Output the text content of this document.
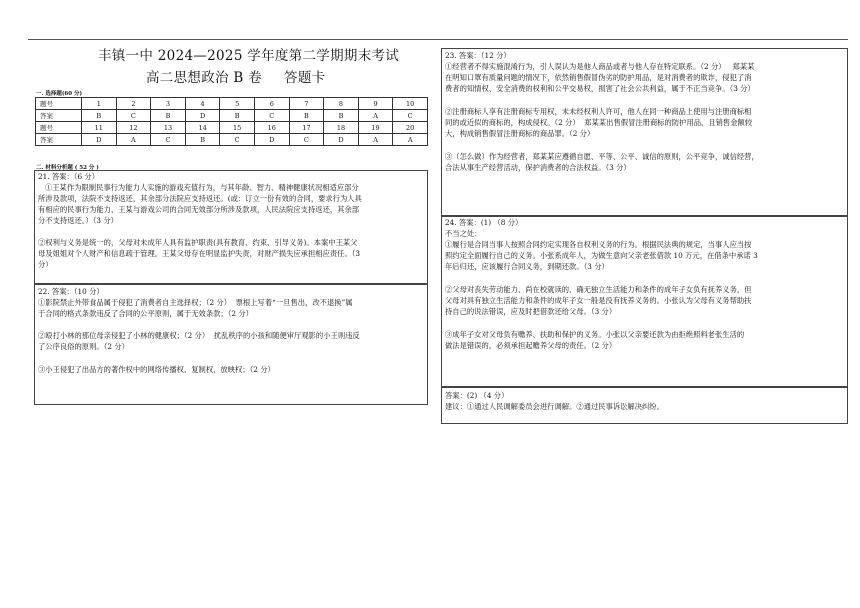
丰镇一中 2024—2025 学年度第二学期期末考试
高二思想政治 B 卷 答题卡
一. 选择题(60 分)
题号	1	2	3	4	5	6	7	8	9	10
答案	B	C	B	D	B	C	B	B	A	C
题号	11	12	13	14	15	16	17	18	19	20
答案	D	A	C	B	C	D	C	D	A	A
二. 材料分析题 ( 52 分 )
21. 答案：（6 分）
①王某作为限制民事行为能力人实施的游戏充值行为，与其年龄、智力、精神健康状况相适应部分
所涉及款项，法院不支持返还，其余部分法院应支持返还。(或：订立一份有效的合同，要求行为人具
有相应的民事行为能力，王某与游戏公司的合同无效部分所涉及款项，人民法院应支持返还，其余部
分不支持返还。）（3 分）
②权利与义务是统一的，父母对未成年人具有监护职责(具有教育、约束、引导义务)。本案中王某父
母及姐姐对个人财产和信息疏于管理，王某父母存在明显监护失责，对财产损失应承担相应责任。（3
分）
22. 答案：（10 分）
①影院禁止外带食品属于侵犯了消费者自主选择权；（2 分）  票根上写着“一旦售出，改不退换”属
于合同的格式条款违反了合同的公平原则，属于无效条款；（2 分）
②殴打小林的那位母亲侵犯了小林的健康权；（2 分）  扰乱秩序的小孩和随便审厅观影的小王则违反
了公序良俗的原则。（2 分）
③小王侵犯了出品方的著作权中的网络传播权、复制权，放映权；（2 分）
23. 答案：（12 分）
①经营者不得实施混淆行为，引人误认为是他人商品或者与他人存在特定联系。（2 分）   郑某某
在明知口罩有质量问题的情况下，依然销售假冒伪劣的防护用品，是对消费者的欺诈，侵犯了消
费者的知情权、安全消费的权利和公平交易权，损害了社会公共利益，属于不正当竞争。（3 分）
②注册商标人享有注册商标专用权，未未经权利人许可，他人在同一种商品上使用与注册商标相
同的或近似的商标的，构成侵权。（2 分）  郑某某出售假冒注册商标的防护用品，且销售金额较
大，构成销售假冒注册商标的商品罪。（2 分）
③（怎么做）作为经营者，郑某某应遵循自愿、平等、公平、诚信的原则，公平竞争，诚信经营，
合法从事生产经营活动，保护消费者的合法权益。（3 分）
24. 答案：(1) （8 分）
不当之处：
①履行是合同当事人按照合同约定实现各自权利义务的行为。根据民法典的规定，当事人应当按
照约定全面履行自己的义务。小张系成年人，为做生意向父亲老张借款 10 万元，在借条中承诺 3
年后归还，应该履行合同义务，到期还款。（3 分）
②父母对丧失劳动能力、尚在校就读的、确无独立生活能力和条件的成年子女负有抚养义务，但
父母对具有独立生活能力和条件的成年子女一般是没有抚养义务的。小张认为父母有义务帮助扶
持自己的说法错误，应及时把借款还给父母。（3 分）
③成年子女对父母负有赡养、扶助和保护的义务。小张以父亲要还款为由拒绝照料老张生活的
做法是错误的，必须承担起赡养父母的责任。（2 分）
答案：(2) （4 分）
建议：①通过人民调解委员会进行调解。②通过民事诉讼解决纠纷。
